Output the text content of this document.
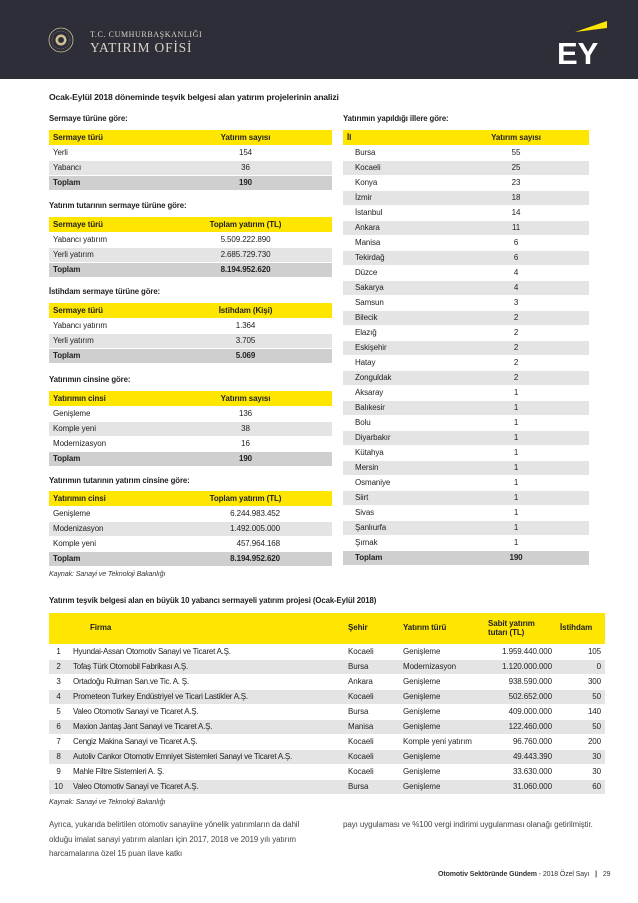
T.C. CUMHURBAŞKANLIĞI
YATIRIM OFİSİ	EY
Ocak-Eylül 2018 döneminde teşvik belgesi alan yatırım projelerinin analizi
Sermaye türüne göre:
Sermaye türü	Yatırım sayısı
Yerli	154
Yabancı	36
Toplam	190
Yatırım tutarının sermaye türüne göre:
Sermaye türü	Toplam yatırım (TL)
Yabancı yatırım	5.509.222.890
Yerli yatırım	2.685.729.730
Toplam	8.194.952.620
İstihdam sermaye türüne göre:
Sermaye türü	İstihdam (Kişi)
Yabancı yatırım	1.364
Yerli yatırım	3.705
Toplam	5.069
Yatırımın cinsine göre:
Yatırımın cinsi	Yatırım sayısı
Genişleme	136
Komple yeni	38
Modernizasyon	16
Toplam	190
Yatırımın tutarının yatırım cinsine göre:
Yatırımın cinsi	Toplam yatırım (TL)
Genişleme	6.244.983.452
Modenizasyon	1.492.005.000
Komple yeni	457.964.168
Toplam	8.194.952.620
Kaynak: Sanayi ve Teknoloji Bakanlığı
Yatırımın yapıldığı illere göre:
İl	Yatırım sayısı
Bursa	55
Kocaeli	25
Konya	23
İzmir	18
İstanbul	14
Ankara	11
Manisa	6
Tekirdağ	6
Düzce	4
Sakarya	4
Samsun	3
Bilecik	2
Elazığ	2
Eskişehir	2
Hatay	2
Zonguldak	2
Aksaray	1
Balıkesir	1
Bolu	1
Diyarbakır	1
Kütahya	1
Mersin	1
Osmaniye	1
Siirt	1
Sivas	1
Şanlıurfa	1
Şırnak	1
Toplam	190
Yatırım teşvik belgesi alan en büyük 10 yabancı sermayeli yatırım projesi (Ocak-Eylül 2018)
	Firma	Şehir	Yatırım türü	Sabit yatırım tutarı (TL)	İstihdam
1	Hyundai-Assan Otomotiv Sanayi ve Ticaret A.Ş.	Kocaeli	Genişleme	1.959.440.000	105
2	Tofaş Türk Otomobil Fabrikası A.Ş.	Bursa	Modernizasyon	1.120.000.000	0
3	Ortadoğu Rulman San.ve Tic. A. Ş.	Ankara	Genişleme	938.590.000	300
4	Prometeon Turkey Endüstriyel ve Ticari Lastikler A.Ş.	Kocaeli	Genişleme	502.652.000	50
5	Valeo Otomotiv Sanayi ve Ticaret A.Ş.	Bursa	Genişleme	409.000.000	140
6	Maxion Jantaş Jant Sanayi ve Ticaret A.Ş.	Manisa	Genişleme	122.460.000	50
7	Cengiz Makina Sanayi ve Ticaret A.Ş.	Kocaeli	Komple yeni yatırım	96.760.000	200
8	Autoliv Cankor Otomotiv Emniyet Sistemleri Sanayi ve Ticaret A.Ş.	Kocaeli	Genişleme	49.443.390	30
9	Mahle Filtre Sistemleri A. Ş.	Kocaeli	Genişleme	33.630.000	30
10	Valeo Otomotiv Sanayi ve Ticaret A.Ş.	Bursa	Genişleme	31.060.000	60
Kaynak: Sanayi ve Teknoloji Bakanlığı
Ayrıca, yukarıda belirtilen otomotiv sanayiine yönelik yatırımların da dahil olduğu imalat sanayi yatırım alanları için 2017, 2018 ve 2019 yılı yatırım harcamalarına özel 15 puan ilave katkı
payı uygulaması ve %100 vergi indirimi uygulanması olanağı getirilmiştir.
Otomotiv Sektöründe Gündem - 2018 Özel Sayı | 29
